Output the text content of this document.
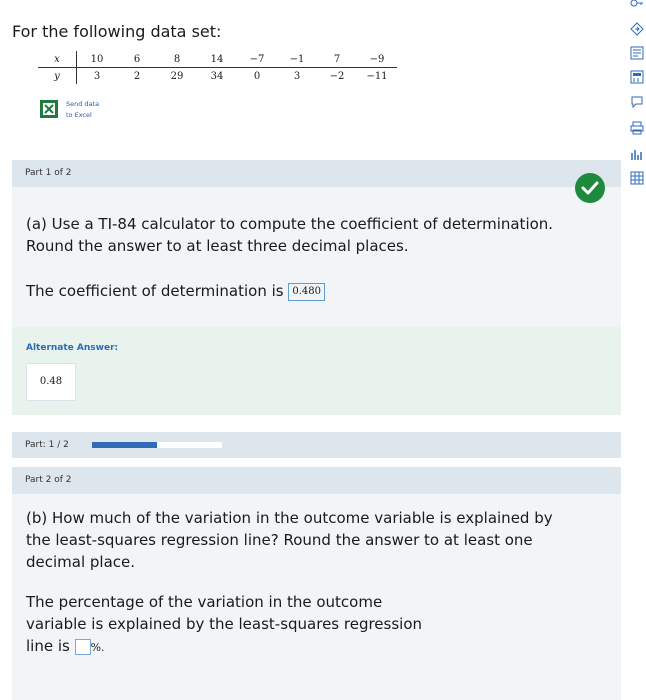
For the following data set:
x	10	6	8	14	−7	−1	7	−9
y	3	2	29	34	0	3	−2	−11
Send data
to Excel
Part 1 of 2
(a) Use a TI-84 calculator to compute the coefficient of determination.
Round the answer to at least three decimal places.
The coefficient of determination is 0.480
Alternate Answer:
0.48
Part: 1 / 2
Part 2 of 2
(b) How much of the variation in the outcome variable is explained by
the least-squares regression line? Round the answer to at least one
decimal place.
The percentage of the variation in the outcome
variable is explained by the least-squares regression
line is %.
